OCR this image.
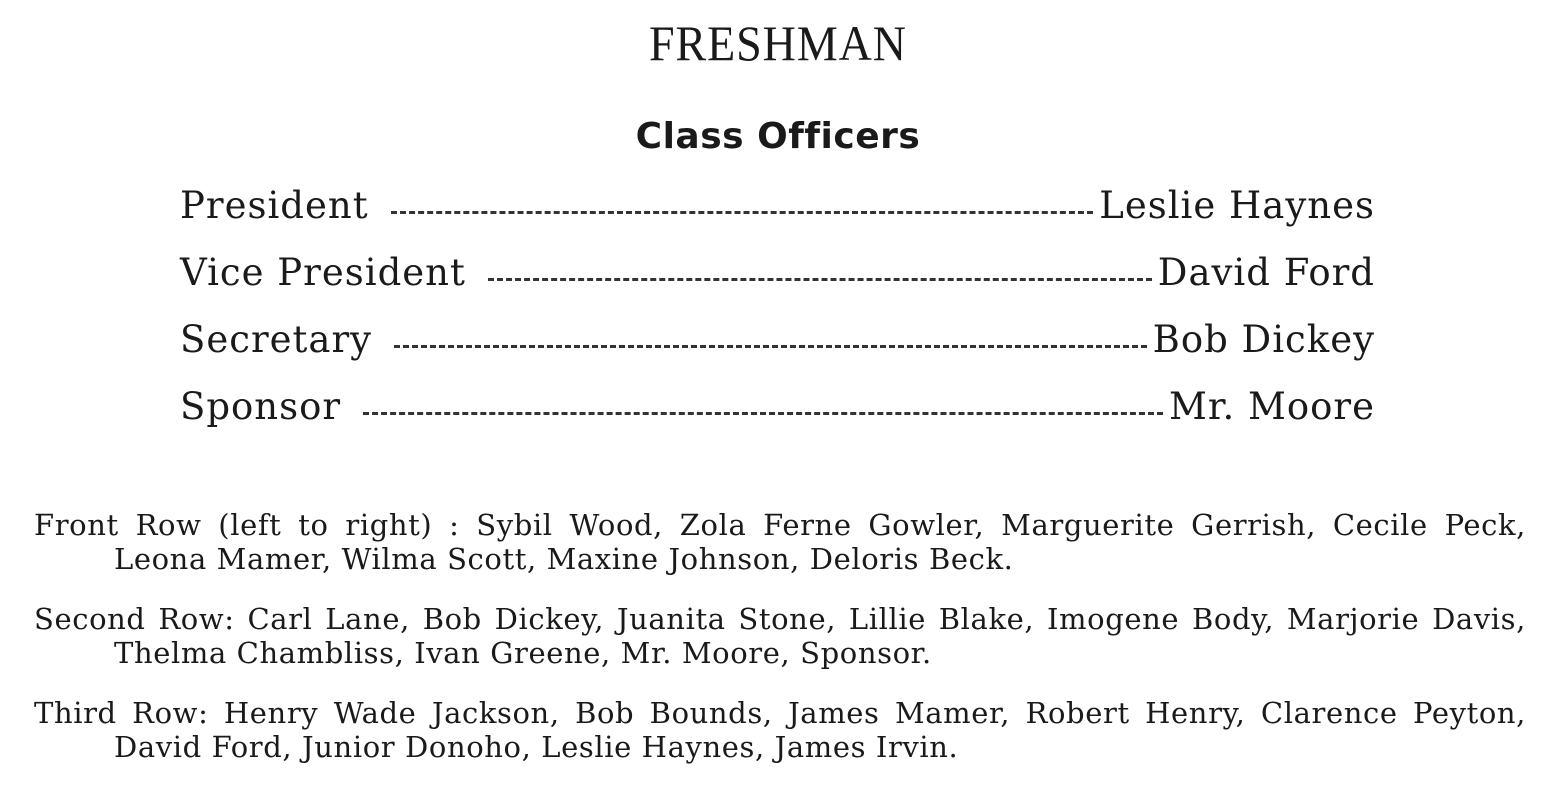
FRESHMAN
Class Officers
President	Leslie Haynes
Vice President	David Ford
Secretary	Bob Dickey
Sponsor	Mr. Moore

Front Row (left to right) : Sybil Wood, Zola Ferne Gowler, Marguerite Gerrish, Cecile Peck, Leona Mamer, Wilma Scott, Maxine Johnson, Deloris Beck.

Second Row: Carl Lane, Bob Dickey, Juanita Stone, Lillie Blake, Imogene Body, Marjorie Davis, Thelma Chambliss, Ivan Greene, Mr. Moore, Sponsor.

Third Row: Henry Wade Jackson, Bob Bounds, James Mamer, Robert Henry, Clarence Peyton, David Ford, Junior Donoho, Leslie Haynes, James Irvin.
